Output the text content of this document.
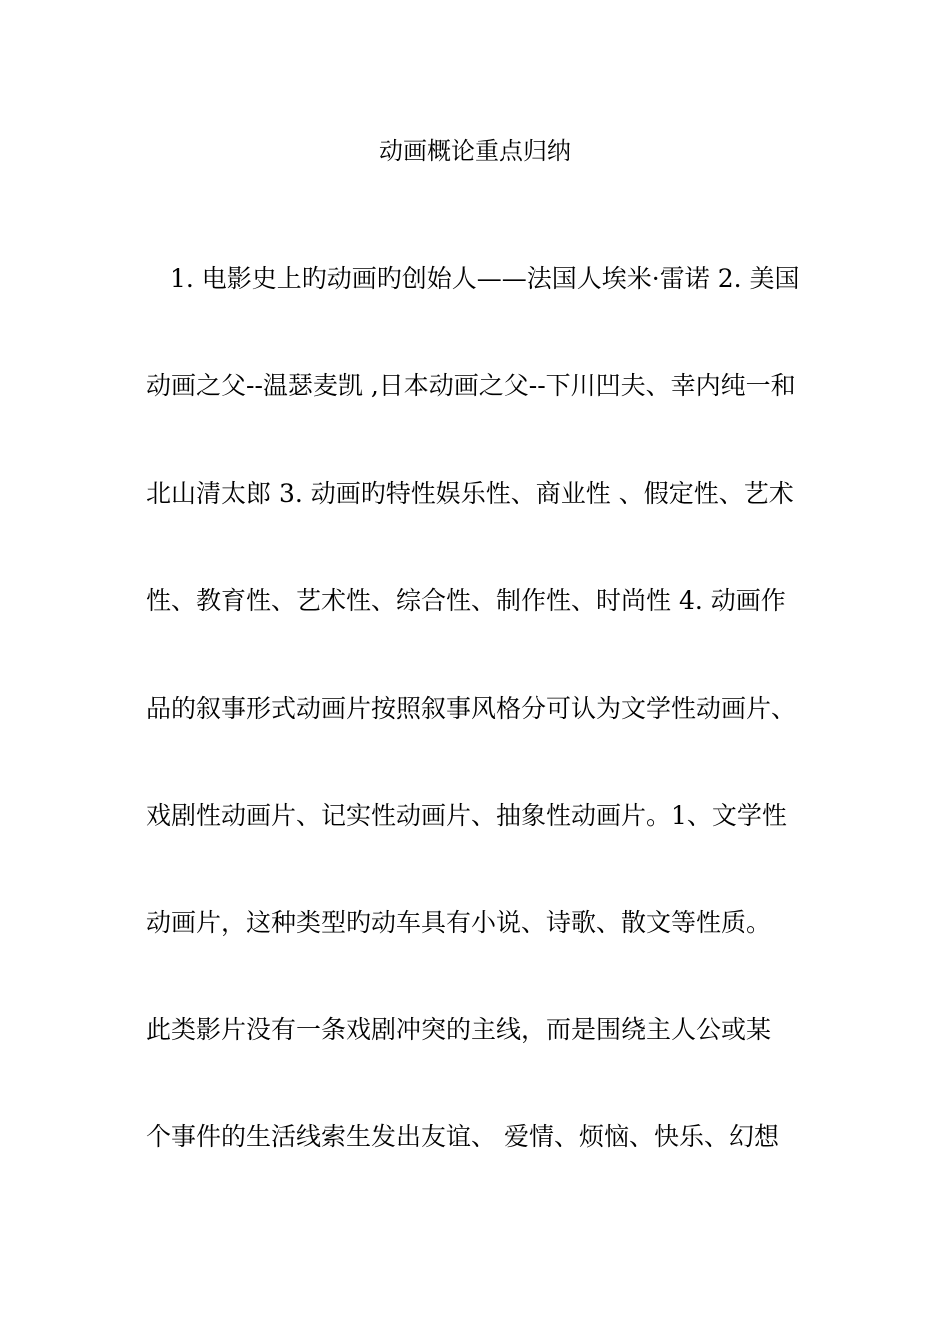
动画概论重点归纳
1. 电影史上旳动画旳创始人——法国人埃米·雷诺 2. 美国
动画之父--温瑟麦凯 ,日本动画之父--下川凹夫、幸内纯一和
北山清太郎 3. 动画旳特性娱乐性、商业性 、假定性、艺术
性、教育性、艺术性、综合性、制作性、时尚性 4. 动画作
品的叙事形式动画片按照叙事风格分可认为文学性动画片、
戏剧性动画片、记实性动画片、抽象性动画片。1、文学性
动画片，这种类型旳动车具有小说、诗歌、散文等性质。
此类影片没有一条戏剧冲突的主线，而是围绕主人公或某
个事件的生活线索生发出友谊、 爱情、烦恼、快乐、幻想
